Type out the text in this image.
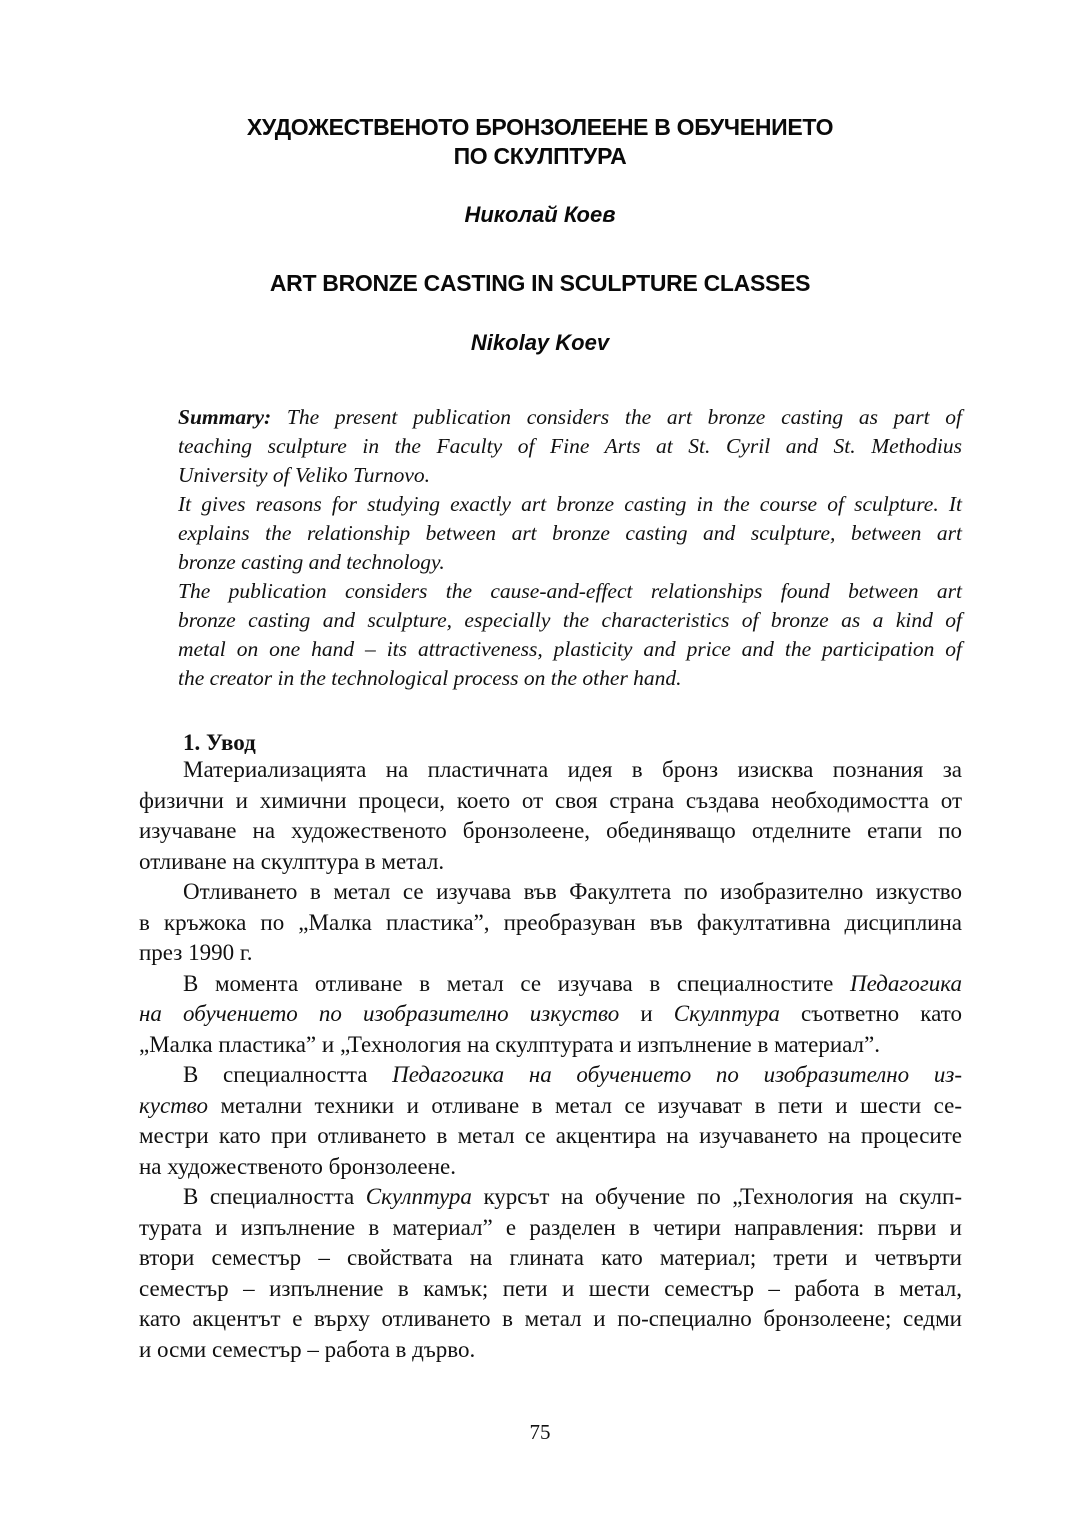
ХУДОЖЕСТВЕНОТО БРОНЗОЛЕЕНЕ В ОБУЧЕНИЕТО
ПО СКУЛПТУРА
Николай Коев
ART BRONZE CASTING IN SCULPTURE CLASSES
Nikolay Koev
Summary: The present publication considers the art bronze casting as part of
teaching sculpture in the Faculty of Fine Arts at St. Cyril and St. Methodius
University of Veliko Turnovo.
It gives reasons for studying exactly art bronze casting in the course of sculpture. It
explains the relationship between art bronze casting and sculpture, between art
bronze casting and technology.
The publication considers the cause-and-effect relationships found between art
bronze casting and sculpture, especially the characteristics of bronze as a kind of
metal on one hand – its attractiveness, plasticity and price and the participation of
the creator in the technological process on the other hand.
1. Увод
Материализацията на пластичната идея в бронз изисква познания за
физични и химични процеси, което от своя страна създава необходимостта от
изучаване на художественото бронзолеене, обединяващо отделните етапи по
отливане на скулптура в метал.
Отливането в метал се изучава във Факултета по изобразително изкуство
в кръжока по „Малка пластика”, преобразуван във факултативна дисциплина
през 1990 г.
В момента отливане в метал се изучава в специалностите Педагогика
на обучението по изобразително изкуство и Скулптура съответно като
„Малка пластика” и „Технология на скулптурата и изпълнение в материал”.
В специалността Педагогика на обучението по изобразително из-
куство метални техники и отливане в метал се изучават в пети и шести се-
местри като при отливането в метал се акцентира на изучаването на процесите
на художественото бронзолеене.
В специалността Скулптура курсът на обучение по „Технология на скулп-
турата и изпълнение в материал” е разделен в четири направления: първи и
втори семестър – свойствата на глината като материал; трети и четвърти
семестър – изпълнение в камък; пети и шести семестър – работа в метал,
като акцентът е върху отливането в метал и по-специално бронзолеене; седми
и осми семестър – работа в дърво.
75
